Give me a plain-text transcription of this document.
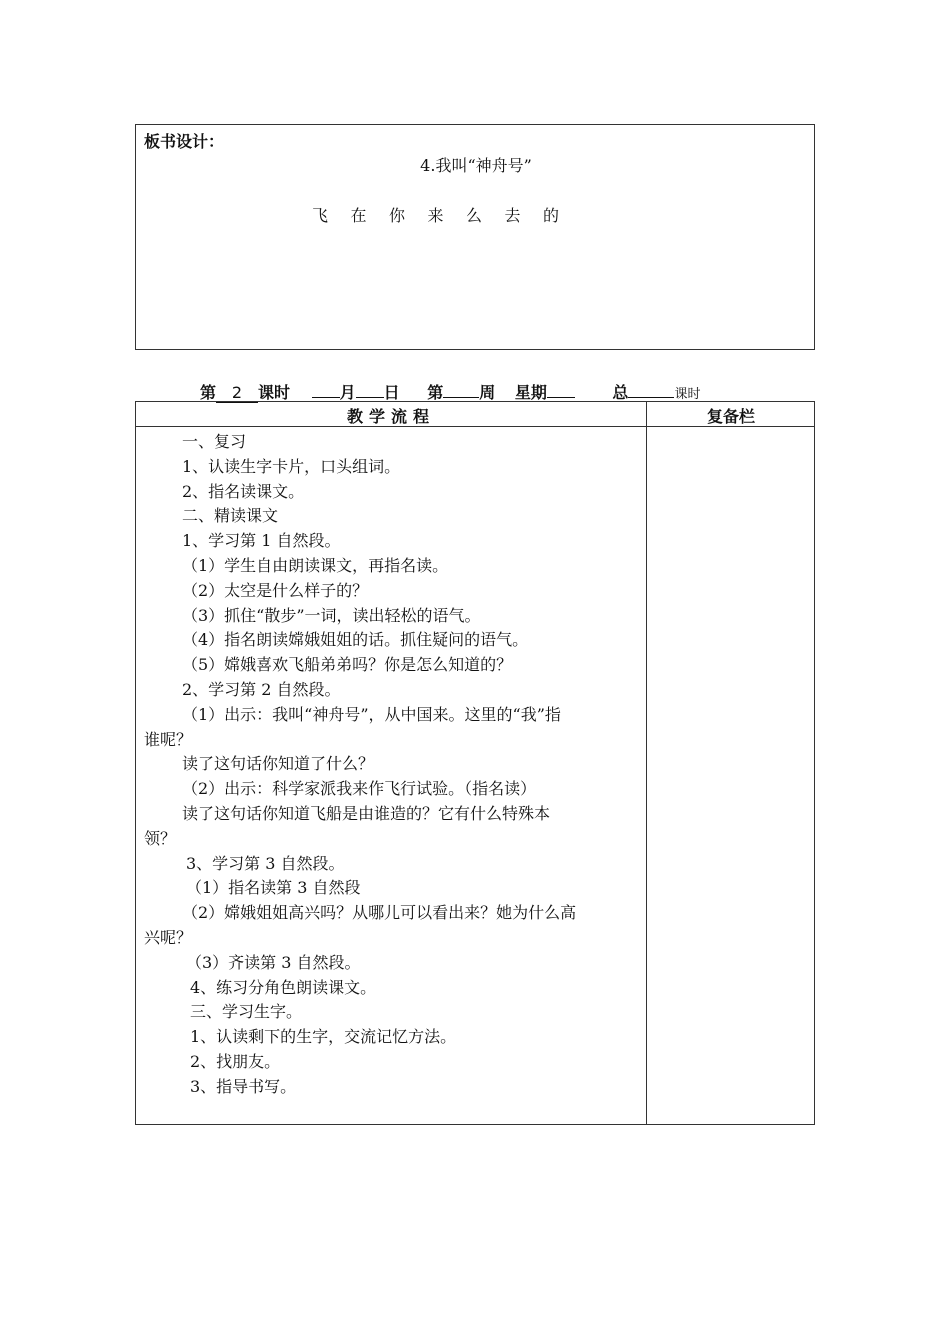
板书设计：
4.我叫“神舟号”
飞	在	你	来	么	去	的
第 2 课时	月 日 第 周 星期	总	课时
教学流程	复备栏
一、复习
1、认读生字卡片，口头组词。
2、指名读课文。
二、精读课文
1、学习第 1 自然段。
（1）学生自由朗读课文，再指名读。
（2）太空是什么样子的？
（3）抓住“散步”一词，读出轻松的语气。
（4）指名朗读嫦娥姐姐的话。抓住疑问的语气。
（5）嫦娥喜欢飞船弟弟吗？你是怎么知道的？
2、学习第 2 自然段。
（1）出示：我叫“神舟号”，从中国来。这里的“我”指
谁呢？
读了这句话你知道了什么？
（2）出示：科学家派我来作飞行试验。（指名读）
读了这句话你知道飞船是由谁造的？它有什么特殊本
领？
3、学习第 3 自然段。
（1）指名读第 3 自然段
（2）嫦娥姐姐高兴吗？从哪儿可以看出来？她为什么高
兴呢？
（3）齐读第 3 自然段。
4、练习分角色朗读课文。
三、学习生字。
1、认读剩下的生字，交流记忆方法。
2、找朋友。
3、指导书写。
